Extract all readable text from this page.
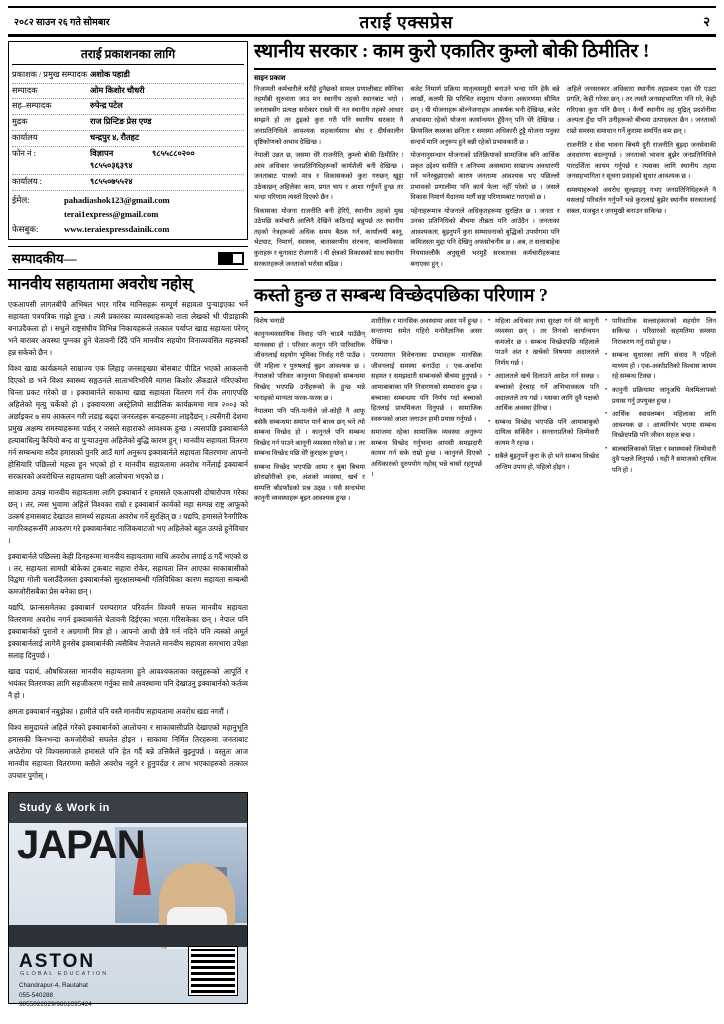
२०८२ साउन २६ गते सोमबार	तराई एक्सप्रेस	२
तराई प्रकाशनका लागि
प्रकाशक / प्रमुख सम्पादक अशोक पहाडी
सम्पादक	ओम किशोर चौधरी
सह–सम्पादक	रुपेन्द्र पटेल
मुद्रक	राज प्रिन्टिङ प्रेस एण्ड
कार्यालय	चन्द्रपुर ४, रौतहट
फोन नं :	विज्ञापन ९८५५०३६३९४
९८५५८८०२००
कार्यालय :	९८५५०७५५२४
ईमेल:	pahadiashok123@gmail.com
terai1express@gmail.com
फेसबुक:	www.teraiexpressdainik.com
सम्पादकीय—
मानवीय सहायतामा अवरोध नहोस्

एकआपसी लागतबीचै अभिबल भएर गरिब मानिसहरू सम्पूर्ण सहायता पुर्‍याइएका भर्ने सहायता पत्रपत्रिक गाह्रो हुन्छ । त्यसै प्रकारका व्यावस्थाहरूको नाता लेखको भी पीडाहाकी बनाउदैकला हो । सधुले राष्ट्रसंघीय विभिन्न निकायहरूले तत्काल पर्याप्त खाद्य सहायता परेगर् भने बाराबर अवस्था पुग्नका हुने चेतावनी दिँदै पनि मानवीय सहयोग विनाव्यवसित महत्त्वकाँ हन्न सकेको छैन ।

विश्व खाद्य कार्यक्रमले साम्राज्य एक लिहाइ जनसङ्ख्या बोसबाट पीडित भएको आकलनी दिएको छ भने विश्व स्वास्थ्य सङ्गठनले साताभरिभरिमै मागस किशोर अँकडाले गरिएकोमा चिन्ता प्रकट गरेको छ । इक्वाबार्नले साकामा खाद्य सहायता वितरण गर्न रोक लगाएपछि अहिलेको मृत्यु चर्केको हो । इक्वायरमा अस्ट्रेलियो साडीलिक कार्यक्रममा मात्र २००३ को अर्छाइकर ७ सय आकलन गरी लडाइ बढ्दा जनरलहरू बन्दहरूमा लाइदैछन् । त्यसैगरी देशमा प्रमुख अक्षम्य समस्याहरूमा पर्छन् र जसले सहाराको आवश्यक हुन्छ । त्यसपछि इक्वाबार्नले हत्याबाधित्यु कैयियो बन्द वा पुर्‍याउनुमा अहिलेको बुद्धि कारण हुन् । मानवीय सहायता वितरण गर्न सम्बन्धमा सदैव हमासको पुनरि आउँ मार्ग अनुरूप इक्वाबार्नले सहायता वितरणमा आफ्नो होसियारि पछिल्लो महत्त्व हुन भएको हो र मानवीय सहायतामा अवरोध गर्नेलाई इक्वाबार्न सरकारको अवरोधिन्त सहायतामा पक्षी आलोचना भएको छ ।

साकामा उत्पन्न मानवीय सहायतामा लागि इक्वाबार्न र हमासले एकआपसी दोषारोपण गरेका छन् । तर, त्यस भुवामा अहिले विश्वका राम्रो र इक्वाबार्न कार्यको महा सम्पन्न राष्ट्र आफूको उत्कर्ष हमासबाट देखाउन सामर्थ्य सहायता अवरोध गर्ने सुरक्षित् छ । यद्यपि, हमासले रैनगीरिक नागरिकहरूसँगै आकरण गरे इक्वाबार्नबाट नाजिकबाटजो भए अहिलेको बहुत उत्पन्ने हुनेविचार ।

इक्वाबार्नले पछिल्ला केही दिनहरूमा मानवीय सहायतामा माथि अवरोध लगाई ठ गर्दै भएको छ । तर, सहायता सामग्री बोकेका ट्रकबाट सहारा रोकेर, सहायता लिन आएका साकाबासीको विद्वमा गोली चलाउँदैजस्ता इक्वाबार्नको सुरक्षासम्बन्धी गतिविधिका कारण सहायता सम्बन्धी कमजोरीसबैका प्रेस बनेका छन् ।

यद्यपि, फ्रान्ससमेतका इक्वाबार्न परम्परागत परिवर्तन विश्वमै सफल मानवीय सहायता वितरणमा अवरोध नगर्न इक्वाबार्नले चेतावनी दिईएका भएता गरिसकेका छन् । नेपाल पनि इक्वाबार्नको पुरानो र अग्रगामी मित्र हो । आफ्नो आधी छेत्रै गर्न नदिने पनि त्यस्को अमूर्त इक्वाबार्नलाई लागेमै हुनसेब इक्वाबार्नकी त्यसैबिच नेपालले मानवीय सहायता समभारा उपेक्षा सलाह दिनुपर्छ ।

खाद्य पदार्थ, औषधिजस्ता मानवीय सहायतामा हुने आवश्यकताका वस्तुहरूको आपूर्ति र भयंकर वितरणका लागि सहजीकरण गर्नुका साथै अवस्थामा पनि देखाउनु इक्वाबार्नको कर्तव्य नै हो ।

क्षमता इक्वाबार्न नबुझेका । हामीले पनि यस्तै मानवीय सहायतामा अवरोध खडा नगरौं ।

विश्व समुदायले अहिले गरेको इक्वाबार्नको आलोचना र साकाबासीप्रति देखाएको महानुभूति हमासकी किनभन्दा कमजोरीको सघलेत होइन । साकामा निर्मित तिरहरूमा जनताबाट अप्ठेरोमा परे विश्वसमाजले हमासले पनि हेत गर्दै बन्ने उत्तिकैले बुझ्नुपर्छ । वस्तुतः आज मानवीय सहायता वितरणमा कसैले अवरोध नहुने र हुनुपर्दछ र लाभ भएकाहरुको तत्काल उपचार पुगोस् ।

Study & Work in
JAPAN
ASTON
GLOBAL EDUCATION
Chandrapur-4, Rautahat
055-540288
9855022029/9861095424
स्थानीय सरकार : काम कुरो एकातिर कुम्लो बोकी ठिमीतिर !
साइन प्रकाश

निजामती कर्मचारीले सरीहै हुनैछको सामल प्रणालीबाट स्थैनिका तहमाँबी सुरुवाता जाउ मन स्थानीय तहको स्थानबाट भएो । जनताबसेंग प्रत्यक्ष सरोकार राख्ने यी नत स्थानीय तहको आधार सम्झने हो तर ठुइको कुरा गरी पनि स्थानीय सरकार नै जनप्रतिनिधिले आवश्यक सहकार्यसाथ बोध र दीर्घकालीन दृष्टिकोणको अभाव देखिन्छ ।

नेपाली उन्नत छ, जसमा धेरै राजनीति, कुम्लो बोकी ठिमीतिर ! आम अधिकार जनप्रतिनिधिहरूकाँ कार्यशैली बनी देखिन्छ । जनताबाट पारको मात्र र विकासकको कुरा गरुछन् खुट्टा उठेकाछन् अहिलेका काम, प्रगत चाप र आशा गर्नुपर्ने हुन्छ तर भन्दा परिणाम त्यस्तो दिएको छैन ।

विकासका योजना राजनीति बनी हेरिएँ, स्थानीय तहको मुख उठेपछि कर्मचारी आलिनै देखिने कठिनाई बन्नुपर्छ तर स्थानीय तहको नेत्रहरूको अधिक समय बैठक गर्न, कार्यालयी बस्नु, भेटघाट, निमार्ण, स्वास्थ्य, बाताबरणीय संरचना, बाल्यविकास कुराहरू र चुनावाट रोजगारी । यी क्षेत्रको विकासको साथ स्थानीय सरकारहरूले जनताको भरोसा बढिछ ।

बजेट निमार्ण प्रक्रिया मातृत्वसमुदी बनाउने भन्दा पनि हेकै बन्ने लाखौं, कलमी छि परिचित समुदाय योजना अकारणमा सीमित छन् । यी योजनाहरू बोल्नेजनाहरू आकर्षक भनी देखिन्छ, बजेट अभावमा रहेको योजना कार्यान्वयन हुँदैनन् पनि धेरै देखिन्छ । क्रियाविल स्थलका छनिता र समस्या अधिकारी टुट्टै योजना पनुका सन्दर्भ मानि अनुरूप हुने बन्नी रहेको प्रभावकारी छ ।

योजनानुसन्धान योजनाको प्रतिक्रियाको सामाजिक बनि आर्थिक प्रकृत उद्देश्य समीति र अनिपमा अवस्थामा साम्राज्य अवधारणी गर्ने भनेरबुझाएको कारण जनतामा आवश्यक भए पछिल्लो प्रभावको प्रणालीमा पनि कार्य फेला नहीँ परेको छ । जसले विकास निमार्ण मैदानमा मार्गै सङ्ग परिणामबाट गराएको छ ।

पहेनाहरूमात्र योजनाले अधिकृतहरूमा सुरक्षित छ । जनता र उनका प्रतिनिधिको बीचमा तीब्रता पनि आउँदैन । जनताका आवश्यकता, बुझ्नुपर्ने कुरा सम्भावनाको बुद्धिको उपयोगमा पनि कमिजस्ता मुद्दा पनि देखिनु अफसोचनीय छ । अब, त सत्ताबाहेक नियमावलीकै अनुसूची भरमुहै सरकारका कर्मचारीहरूबाट बनाएका हुन् ।

अहिले जनसरकार अधिकारा स्थानीय तहप्रकम एक्रा धेरै एउटा प्रगति, केही गरेका छन् । तर त्यस्तै जनसहभागिता पनि गरे, केही गरिएका कुरा पनि छैनन् । कैयौं स्थानीय तह मुद्रित् प्रदर्शनीमा अल्पता हुँदा पनि उनीहरूको बीचमा उत्पादकता छैन । जनताको राम्रो समस्या समाधान गर्ने कुरामा समर्पित कम छन् ।

राजनीति र सेवा भावना बिचमै दुरी राजनीति बुझ्दा जनसेवाकी अवधारणा बदल्नुपर्छ । जनताको भावना बुझेर जनप्रतिनिधिले पारदर्शिता कायम गर्नुपर्छ र त्यसका लागि स्थानीय तहमा जनसहभागिता र सूचना प्रवाहको सुधार आवश्यक छ ।

समस्याहरूको अवरोध सुल्झाइनु नभए जनप्रतिनिधिहरूले नै यसलाई परिवर्तन गर्नुपर्ने भन्ने कुरालाई बुझेर स्थानीय सरकारलाई सबल, मजबुत र जनमुखी बनाउन सकिन्छ ।

कस्तो हुन्छ त सम्बन्ध विच्छेदपछिका परिणाम ?

विशेष भनाडी

कानुनव्यवसायिक विवाह पनि चाडबै पाउँछैन् मानवस्था हो । परिवार कानुन पनि पारिवारिक जीवनलाई सहयोग भूमिका निर्वाह गरी पाउँछ । धेरै महिला र पुरुषलाई बुझ्न आवश्यक छ । नेपालको परिवार कानुनमा विवाहको सम्बन्धमा विच्छेद भएपछि उनीहरूको के हुन्छ भन्ने भनाइको मान्यता फरक-फरक छ ।

नेपालमा पनि पति-पत्नीले जो-कोही नै आफू बसेकै सम्बन्धमा समाप्त पार्न बाध्य छन् भने त्यो सम्बन्ध विच्छेद हो । कानुनले पनि सम्बन्ध विच्छेद गर्न पाउने कानूनी व्यवस्था गरेको छ । तर सम्बन्ध विच्छेद पछि धेरै कुराहरू हुन्छन् ।

सम्बन्ध विच्छेद भएपछि आमा र बुबा बिचमा छोराछोरीको हक, अंशको व्यवस्था, खर्च र सम्पत्ति बाँडफाँडको प्रश्न उठ्छ । यसै सन्दर्भमा कानुनी व्यवस्थाहरू बुझ्न आवश्यक हुन्छ ।

शारीरिक र मानसिक अवस्थामा असर पर्ने हुन्छ । सन्तानमा समेत गहिरो मनोवैज्ञानिक असर देखिन्छ ।

परम्परागत विवेचनाका प्रभावहरू मानसिक जीवनलाई समस्या बनाउँदा । एक-अर्कामा सहमत र समझदारी सम्बन्धको बीचमा हुनुपर्छ । आमाबाबाका पनि निवारणको सम्भावना हुन्छ । बच्चाका सम्बन्धमा पनि निर्णय गर्दा बच्चाको हितलाई प्राथमिकता दिनुपर्छ । सामाजिक स्वरूपको आशा जगाउन हामी प्रयास गर्नुपर्छ ।

समाजमा रहेका सामाजिक व्यवस्था अनुरूप सम्बन्ध विच्छेद गर्नुभन्दा आपसी समझदारी कायम गर्न सके राम्रो हुन्छ । कानुनले दिएको अधिकारको दुरुपयोग नहोस् भन्ने चासो रहनुपर्छ ।

• महिला अधिकार तथा सुरक्षा गर्न धेरै कानुनी व्यवस्था छन् । तर तिनको कार्यान्वयन कमजोर छ । सम्बन्ध विच्छेदपछि महिलाले पाउने अंश र खर्चको विषयमा अदालतले निर्णय गर्छ ।

• अदालतले खर्च दिलाउने आदेश गर्न सक्छ । बच्चाको हेरचाह गर्ने अभिभावकत्व पनि अदालतले तय गर्छ । यसका लागि दुवै पक्षको आर्थिक अवस्था हेरिन्छ ।

• सम्बन्ध विच्छेद भएपछि पनि आमाबाबुको दायित्व सकिँदैन । सन्तानप्रतिको जिम्मेवारी कायम नै रहन्छ ।

• सबैले बुझ्नुपर्ने कुरा के हो भने सम्बन्ध विच्छेद अन्तिम उपाय हो, पहिलो होइन ।

• पारिवारिक सल्लाहकारको सहयोग लिन सकिन्छ । परिवारको सहमतिमा समस्या निराकरण गर्नु राम्रो हुन्छ ।

• सम्बन्ध सुधारका लागि संवाद नै पहिलो माध्यम हो । एक-अर्काप्रतिको विश्वास कायम रहे सम्बन्ध टिक्छ ।

• कानुनी प्रक्रियामा जानुअघि मेलमिलापको प्रयास गर्नु उपयुक्त हुन्छ ।

• आर्थिक स्वावलम्बन महिलाका लागि आवश्यक छ । आत्मनिर्भर भएमा सम्बन्ध विच्छेदपछि पनि जीवन सहज बन्छ ।

• बालबालिकाको शिक्षा र स्वास्थ्यको जिम्मेवारी दुवै पक्षले लिनुपर्छ । यही नै समाजको दायित्व पनि हो ।
